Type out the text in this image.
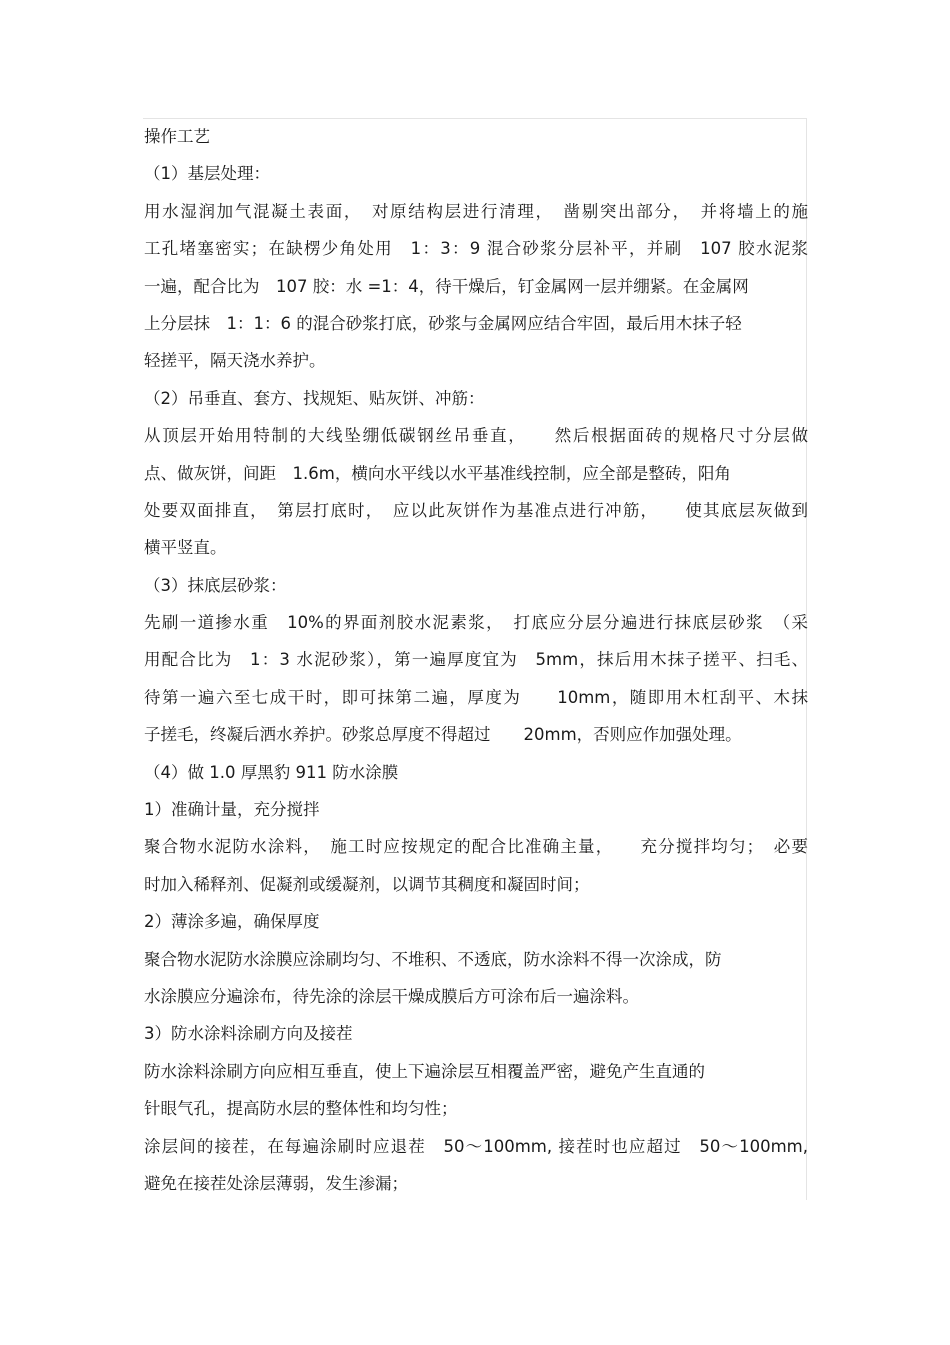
操作工艺
（1）基层处理：
用水湿润加气混凝土表面，　对原结构层进行清理，　凿剔突出部分，　并将墙上的施
工孔堵塞密实；在缺楞少角处用　1：3：9 混合砂浆分层补平，并刷　107 胶水泥浆
一遍，配合比为　107 胶：水 =1：4，待干燥后，钉金属网一层并绷紧。在金属网
上分层抹　1：1：6 的混合砂浆打底，砂浆与金属网应结合牢固，最后用木抹子轻
轻搓平，隔天浇水养护。
（2）吊垂直、套方、找规矩、贴灰饼、冲筋：
从顶层开始用特制的大线坠绷低碳钢丝吊垂直，　　然后根据面砖的规格尺寸分层做
点、做灰饼，间距　1.6m，横向水平线以水平基准线控制，应全部是整砖，阳角
处要双面排直，　第层打底时，　应以此灰饼作为基准点进行冲筋，　　使其底层灰做到
横平竖直。
（3）抹底层砂浆：
先刷一道掺水重　10%的界面剂胶水泥素浆，　打底应分层分遍进行抹底层砂浆　（采
用配合比为　1：3 水泥砂浆），第一遍厚度宜为　5mm，抹后用木抹子搓平、扫毛、
待第一遍六至七成干时，即可抹第二遍，厚度为　　10mm，随即用木杠刮平、木抹
子搓毛，终凝后洒水养护。砂浆总厚度不得超过　　20mm，否则应作加强处理。
（4）做 1.0 厚黑豹 911 防水涂膜
1）准确计量，充分搅拌
聚合物水泥防水涂料，　施工时应按规定的配合比准确主量，　　充分搅拌均匀；　必要
时加入稀释剂、促凝剂或缓凝剂，以调节其稠度和凝固时间；
2）薄涂多遍，确保厚度
聚合物水泥防水涂膜应涂刷均匀、不堆积、不透底，防水涂料不得一次涂成，防
水涂膜应分遍涂布，待先涂的涂层干燥成膜后方可涂布后一遍涂料。
3）防水涂料涂刷方向及接茬
防水涂料涂刷方向应相互垂直，使上下遍涂层互相覆盖严密，避免产生直通的
针眼气孔，提高防水层的整体性和均匀性；
涂层间的接茬，在每遍涂刷时应退茬　50～100mm, 接茬时也应超过　50～100mm,
避免在接茬处涂层薄弱，发生渗漏；
